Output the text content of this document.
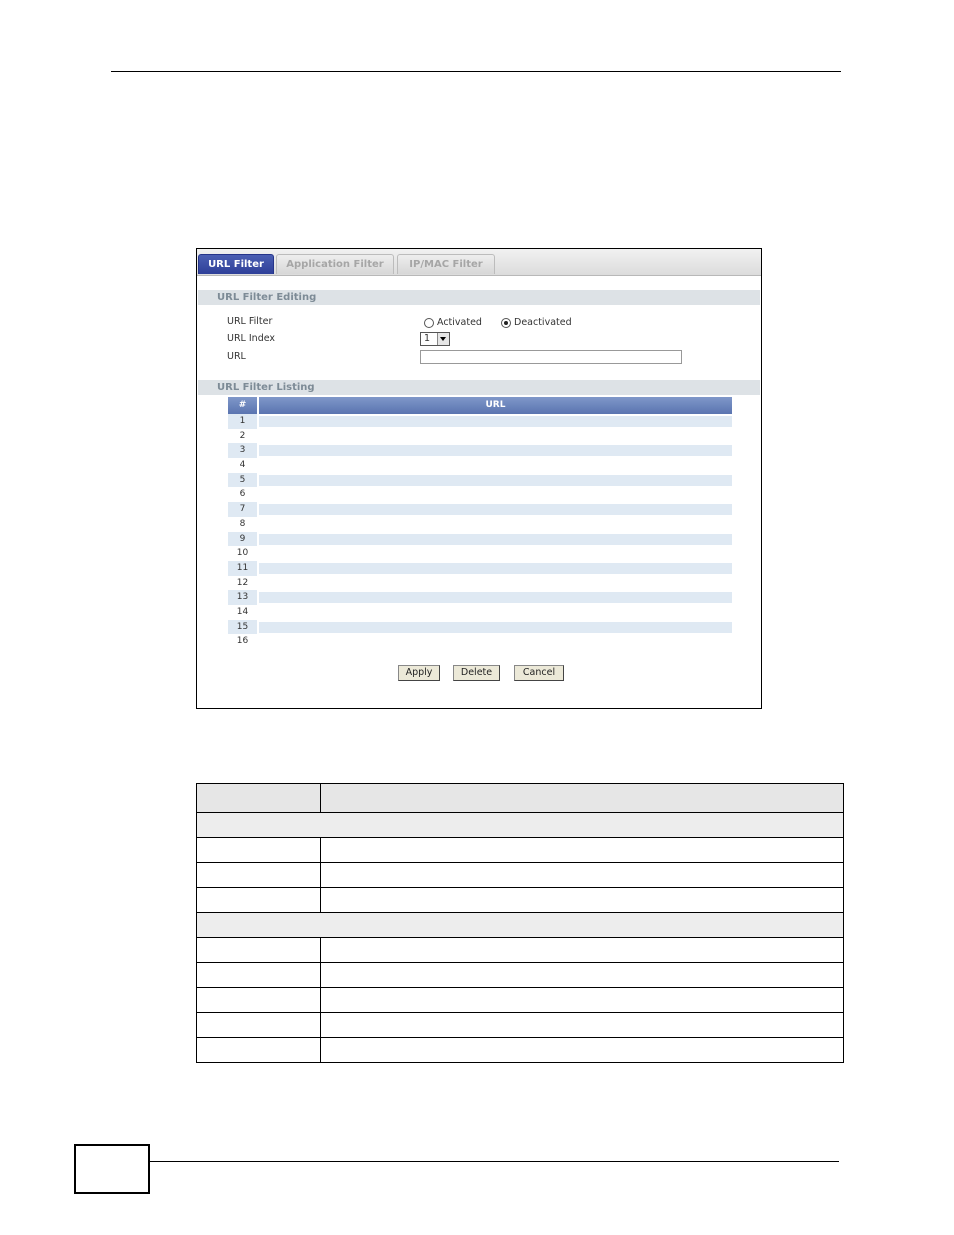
URL Filter	Application Filter	IP/MAC Filter
URL Filter Editing
URL Filter	Activated	Deactivated
URL Index	1
URL
URL Filter Listing
#	URL
1
2
3
4
5
6
7
8
9
10
11
12
13
14
15
16
Apply	Delete	Cancel
